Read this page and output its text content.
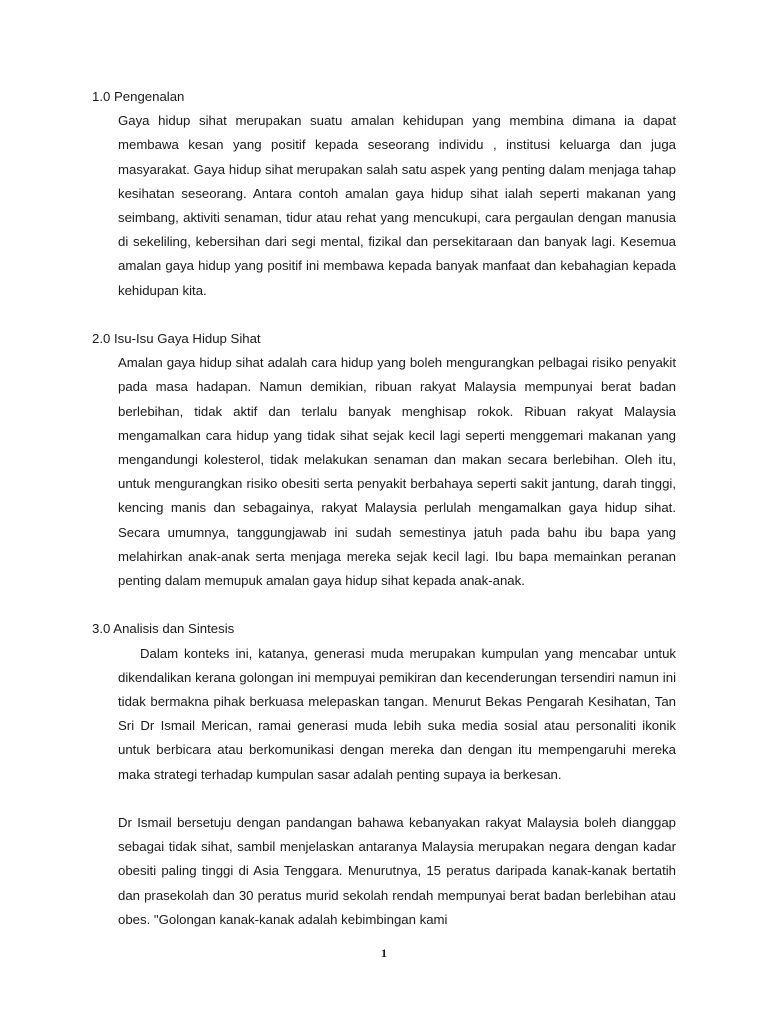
1.0 Pengenalan

Gaya hidup sihat merupakan suatu amalan kehidupan yang membina dimana ia dapat membawa kesan yang positif kepada seseorang individu , institusi keluarga dan juga masyarakat. Gaya hidup sihat merupakan salah satu aspek yang penting dalam menjaga tahap kesihatan seseorang. Antara contoh amalan gaya hidup sihat ialah seperti makanan yang seimbang, aktiviti senaman, tidur atau rehat yang mencukupi, cara pergaulan dengan manusia di sekeliling, kebersihan dari segi mental, fizikal dan persekitaraan dan banyak lagi. Kesemua amalan gaya hidup yang positif ini membawa kepada banyak manfaat dan kebahagian kepada kehidupan kita.

2.0 Isu-Isu Gaya Hidup Sihat

Amalan gaya hidup sihat adalah cara hidup yang boleh mengurangkan pelbagai risiko penyakit pada masa hadapan. Namun demikian, ribuan rakyat Malaysia mempunyai berat badan berlebihan, tidak aktif dan terlalu banyak menghisap rokok. Ribuan rakyat Malaysia mengamalkan cara hidup yang tidak sihat sejak kecil lagi seperti menggemari makanan yang mengandungi kolesterol, tidak melakukan senaman dan makan secara berlebihan. Oleh itu, untuk mengurangkan risiko obesiti serta penyakit berbahaya seperti sakit jantung, darah tinggi, kencing manis dan sebagainya, rakyat Malaysia perlulah mengamalkan gaya hidup sihat. Secara umumnya, tanggungjawab ini sudah semestinya jatuh pada bahu ibu bapa yang melahirkan anak-anak serta menjaga mereka sejak kecil lagi. Ibu bapa memainkan peranan penting dalam memupuk amalan gaya hidup sihat kepada anak-anak.

3.0 Analisis dan Sintesis

Dalam konteks ini, katanya, generasi muda merupakan kumpulan yang mencabar untuk dikendalikan kerana golongan ini mempuyai pemikiran dan kecenderungan tersendiri namun ini tidak bermakna pihak berkuasa melepaskan tangan. Menurut Bekas Pengarah Kesihatan, Tan Sri Dr Ismail Merican, ramai generasi muda lebih suka media sosial atau personaliti ikonik untuk berbicara atau berkomunikasi dengan mereka dan dengan itu mempengaruhi mereka maka strategi terhadap kumpulan sasar adalah penting supaya ia berkesan.

Dr Ismail bersetuju dengan pandangan bahawa kebanyakan rakyat Malaysia boleh dianggap sebagai tidak sihat, sambil menjelaskan antaranya Malaysia merupakan negara dengan kadar obesiti paling tinggi di Asia Tenggara. Menurutnya, 15 peratus daripada kanak-kanak bertatih dan prasekolah dan 30 peratus murid sekolah rendah mempunyai berat badan berlebihan atau obes. "Golongan kanak-kanak adalah kebimbingan kami

1
